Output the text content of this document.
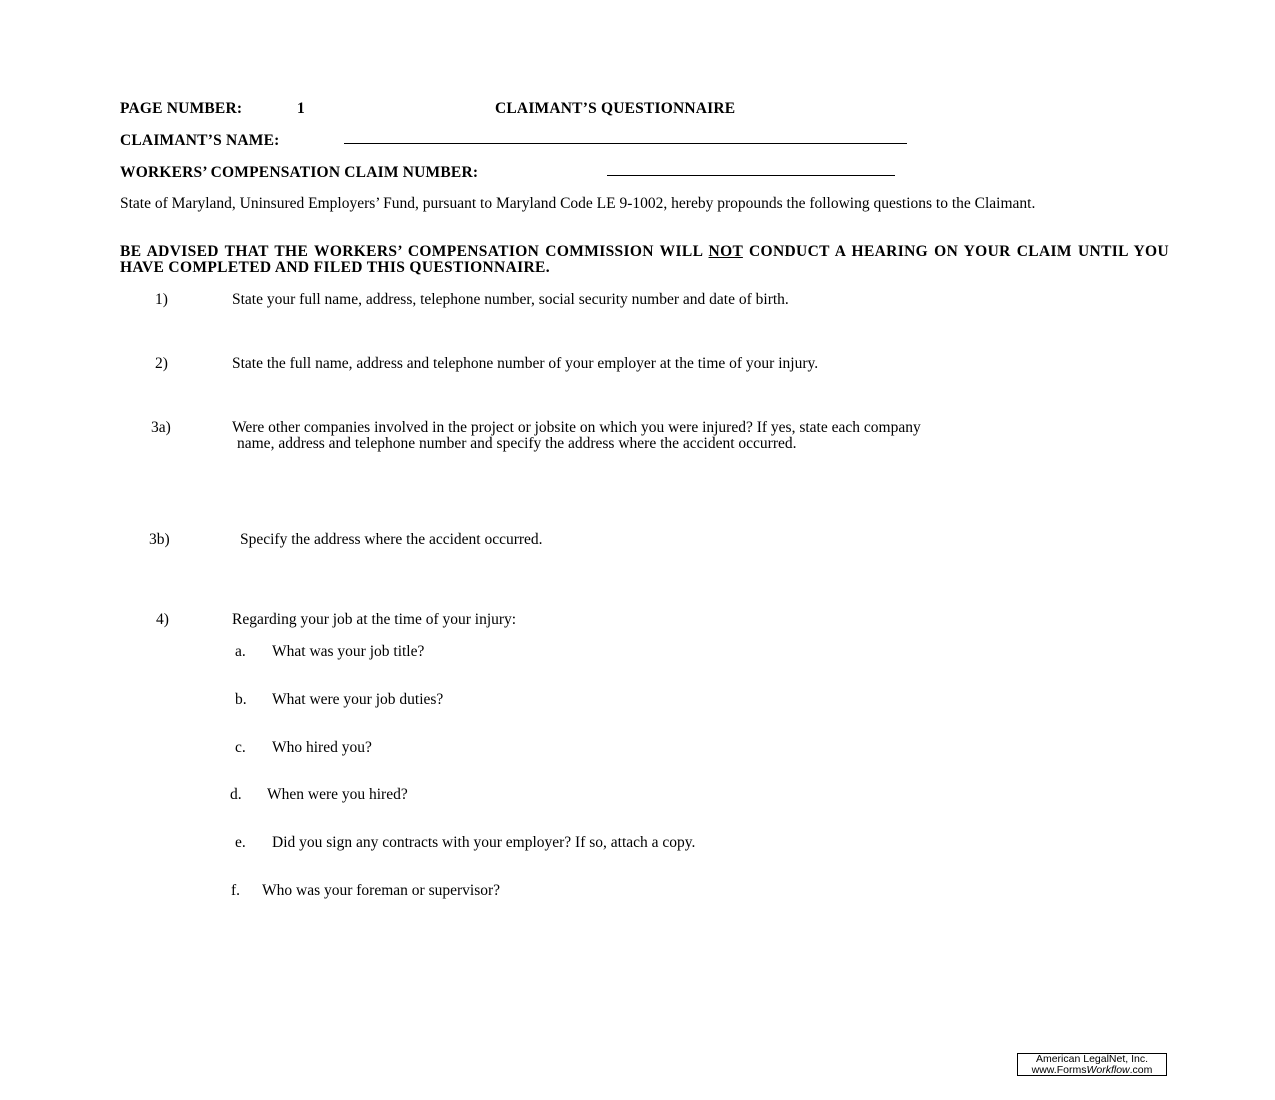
PAGE NUMBER:	1	CLAIMANT’S QUESTIONNAIRE
CLAIMANT’S NAME:
WORKERS’ COMPENSATION CLAIM NUMBER:
State of Maryland, Uninsured Employers’ Fund, pursuant to Maryland Code LE 9-1002, hereby propounds the following questions to the Claimant.
BE ADVISED THAT THE WORKERS’ COMPENSATION COMMISSION WILL NOT CONDUCT A HEARING ON YOUR CLAIM UNTIL YOU HAVE COMPLETED AND FILED THIS QUESTIONNAIRE.
1)	State your full name, address, telephone number, social security number and date of birth.
2)	State the full name, address and telephone number of your employer at the time of your injury.
3a)	Were other companies involved in the project or jobsite on which you were injured? If yes, state each company
name, address and telephone number and specify the address where the accident occurred.
3b)	Specify the address where the accident occurred.
4)	Regarding your job at the time of your injury:
a. What was your job title?
b. What were your job duties?
c. Who hired you?
d. When were you hired?
e. Did you sign any contracts with your employer? If so, attach a copy.
f. Who was your foreman or supervisor?
American LegalNet, Inc.
www.FormsWorkflow.com
